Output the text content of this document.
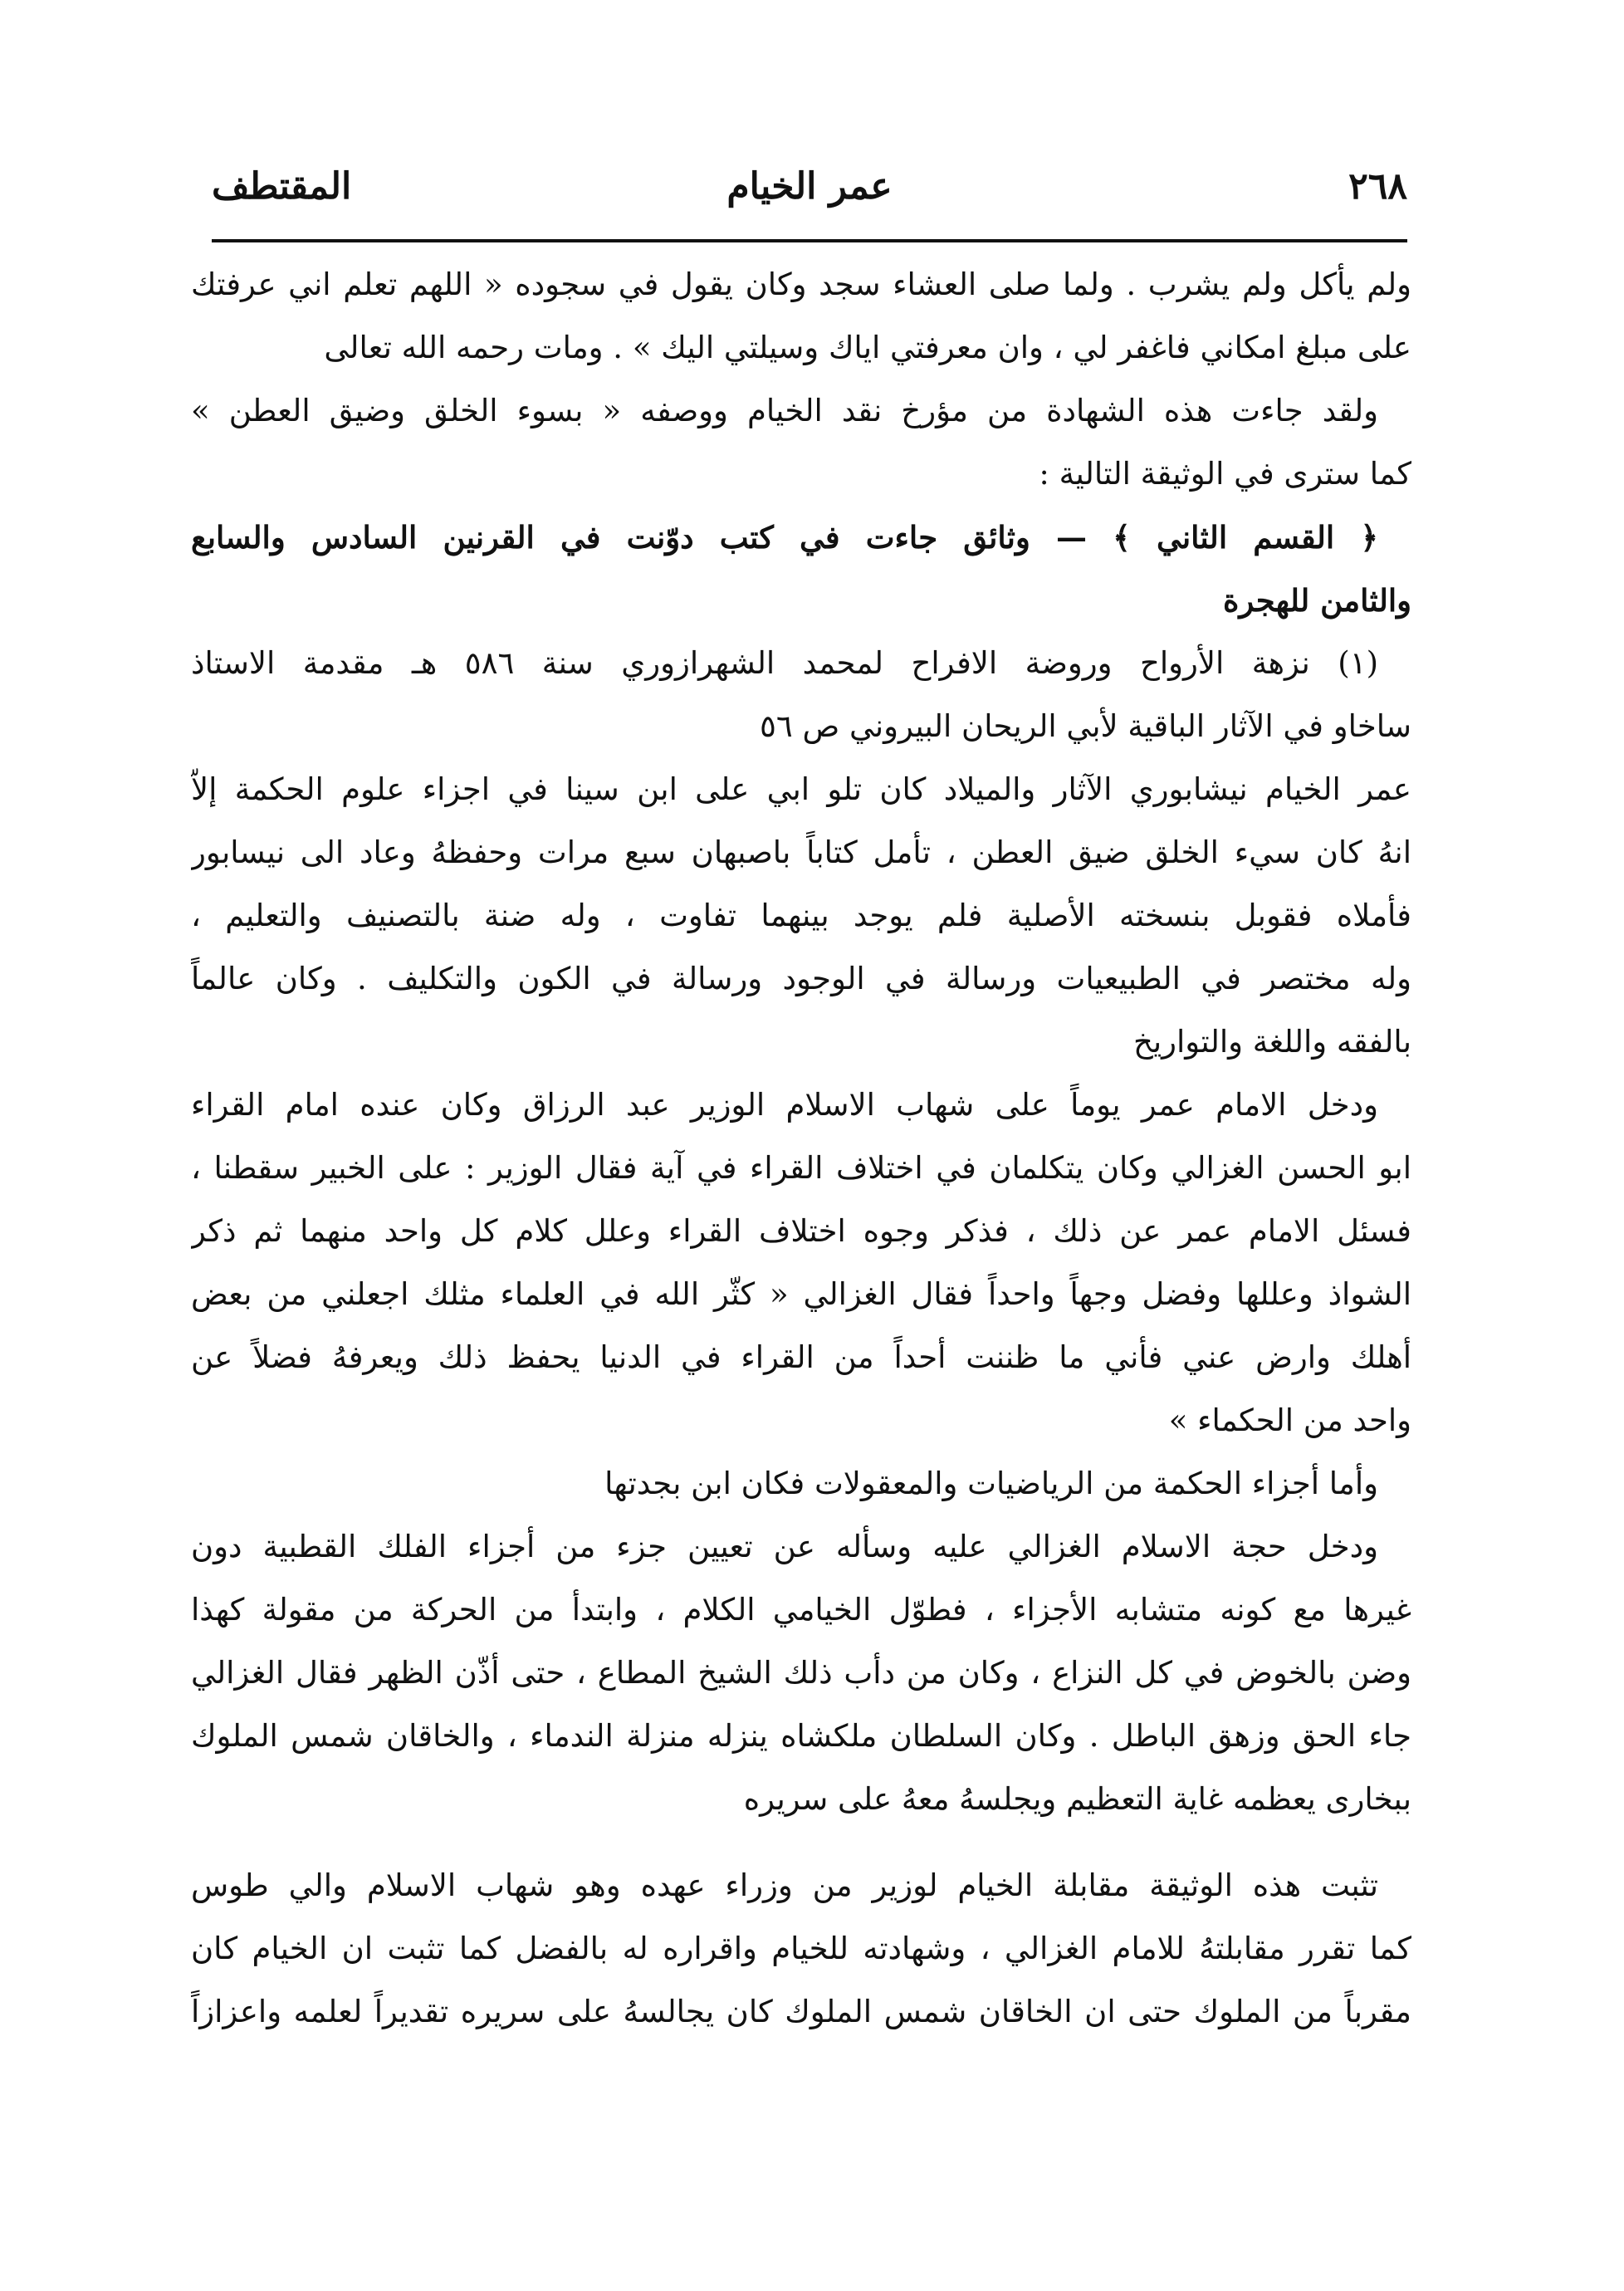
٢٦٨
عمر الخيام
المقتطف
ولم يأكل ولم يشرب . ولما صلى العشاء سجد وكان يقول في سجوده « اللهم تعلم اني عرفتك
على مبلغ امكاني فاغفر لي ، وان معرفتي اياك وسيلتي اليك » . ومات رحمه الله تعالى
ولقد جاءت هذه الشهادة من مؤرخ نقد الخيام ووصفه « بسوء الخلق وضيق العطن »
كما سترى في الوثيقة التالية :
﴿ القسم الثاني ﴾ — وثائق جاءت في كتب دوّنت في القرنين السادس والسابع
والثامن للهجرة
(١) نزهة الأرواح وروضة الافراح لمحمد الشهرازوري سنة ٥٨٦ هـ مقدمة الاستاذ
ساخاو في الآثار الباقية لأبي الريحان البيروني ص ٥٦
عمر الخيام نيشابوري الآثار والميلاد كان تلو ابي على ابن سينا في اجزاء علوم الحكمة إلاّ
انهُ كان سيء الخلق ضيق العطن ، تأمل كتاباً باصبهان سبع مرات وحفظهُ وعاد الى نيسابور
فأملاه فقوبل بنسخته الأصلية فلم يوجد بينهما تفاوت ، وله ضنة بالتصنيف والتعليم ،
وله مختصر في الطبيعيات ورسالة في الوجود ورسالة في الكون والتكليف . وكان عالماً
بالفقه واللغة والتواريخ
ودخل الامام عمر يوماً على شهاب الاسلام الوزير عبد الرزاق وكان عنده امام القراء
ابو الحسن الغزالي وكان يتكلمان في اختلاف القراء في آية فقال الوزير : على الخبير سقطنا ،
فسئل الامام عمر عن ذلك ، فذكر وجوه اختلاف القراء وعلل كلام كل واحد منهما ثم ذكر
الشواذ وعللها وفضل وجهاً واحداً فقال الغزالي « كثّر الله في العلماء مثلك اجعلني من بعض
أهلك وارض عني فأني ما ظننت أحداً من القراء في الدنيا يحفظ ذلك ويعرفهُ فضلاً عن
واحد من الحكماء »
وأما أجزاء الحكمة من الرياضيات والمعقولات فكان ابن بجدتها
ودخل حجة الاسلام الغزالي عليه وسأله عن تعيين جزء من أجزاء الفلك القطبية دون
غيرها مع كونه متشابه الأجزاء ، فطوّل الخيامي الكلام ، وابتدأ من الحركة من مقولة كهذا
وضن بالخوض في كل النزاع ، وكان من دأب ذلك الشيخ المطاع ، حتى أذّن الظهر فقال الغزالي
جاء الحق وزهق الباطل . وكان السلطان ملكشاه ينزله منزلة الندماء ، والخاقان شمس الملوك
ببخارى يعظمه غاية التعظيم ويجلسهُ معهُ على سريره
تثبت هذه الوثيقة مقابلة الخيام لوزير من وزراء عهده وهو شهاب الاسلام والي طوس
كما تقرر مقابلتهُ للامام الغزالي ، وشهادته للخيام واقراره له بالفضل كما تثبت ان الخيام كان
مقرباً من الملوك حتى ان الخاقان شمس الملوك كان يجالسهُ على سريره تقديراً لعلمه واعزازاً
